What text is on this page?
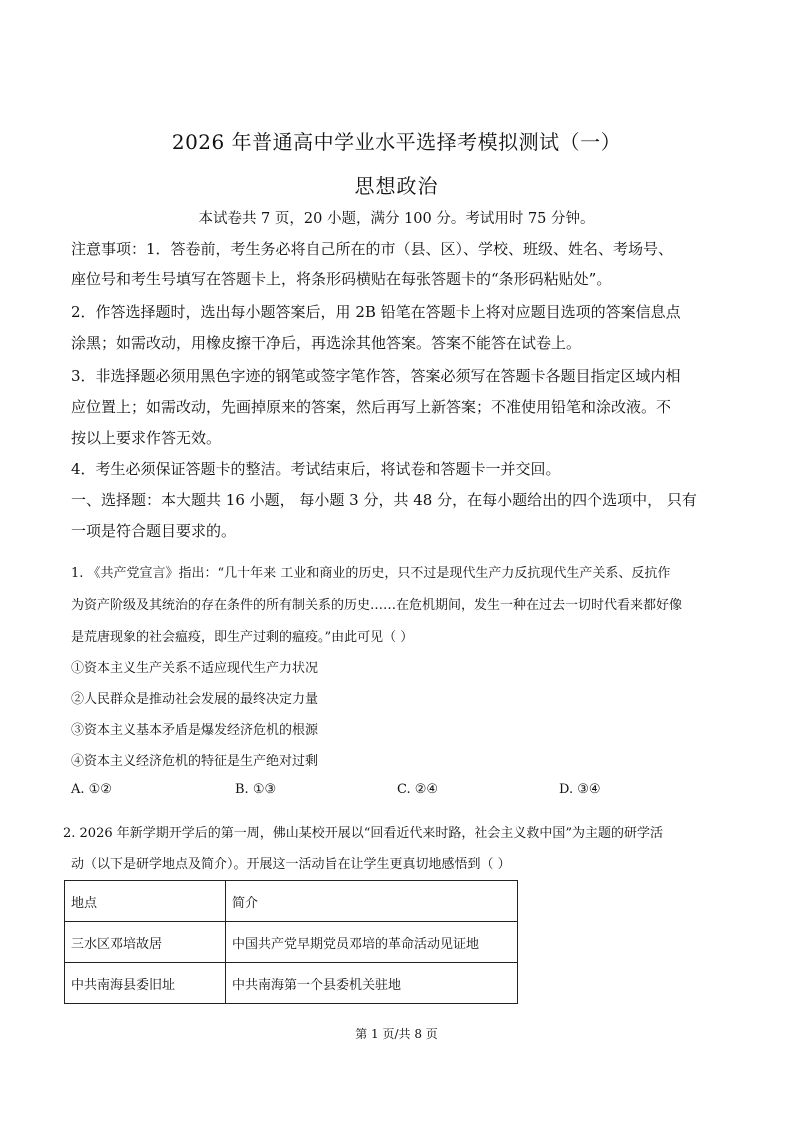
2026 年普通高中学业水平选择考模拟测试（一）
思想政治
本试卷共 7 页，20 小题，满分 100 分。考试用时 75 分钟。
注意事项：1．答卷前，考生务必将自己所在的市（县、区）、学校、班级、姓名、考场号、
座位号和考生号填写在答题卡上，将条形码横贴在每张答题卡的“条形码粘贴处”。
2．作答选择题时，选出每小题答案后，用 2B 铅笔在答题卡上将对应题目选项的答案信息点
涂黑；如需改动，用橡皮擦干净后，再选涂其他答案。答案不能答在试卷上。
3．非选择题必须用黑色字迹的钢笔或签字笔作答，答案必须写在答题卡各题目指定区域内相
应位置上；如需改动，先画掉原来的答案，然后再写上新答案；不准使用铅笔和涂改液。不
按以上要求作答无效。
4．考生必须保证答题卡的整洁。考试结束后，将试卷和答题卡一并交回。
一、选择题：本大题共 16 小题， 每小题 3 分，共 48 分，在每小题给出的四个选项中， 只有
一项是符合题目要求的。
1. 《共产党宣言》指出：“几十年来 工业和商业的历史，只不过是现代生产力反抗现代生产关系、反抗作
为资产阶级及其统治的存在条件的所有制关系的历史……在危机期间，发生一种在过去一切时代看来都好像
是荒唐现象的社会瘟疫，即生产过剩的瘟疫。”由此可见（ ）
①资本主义生产关系不适应现代生产力状况
②人民群众是推动社会发展的最终决定力量
③资本主义基本矛盾是爆发经济危机的根源
④资本主义经济危机的特征是生产绝对过剩
A. ①②	B. ①③	C. ②④	D. ③④
2. 2026 年新学期开学后的第一周，佛山某校开展以“回看近代来时路，社会主义救中国”为主题的研学活
动（以下是研学地点及简介）。开展这一活动旨在让学生更真切地感悟到（ ）
地点	简介
三水区邓培故居	中国共产党早期党员邓培的革命活动见证地
中共南海县委旧址	中共南海第一个县委机关驻地
第 1 页/共 8 页
